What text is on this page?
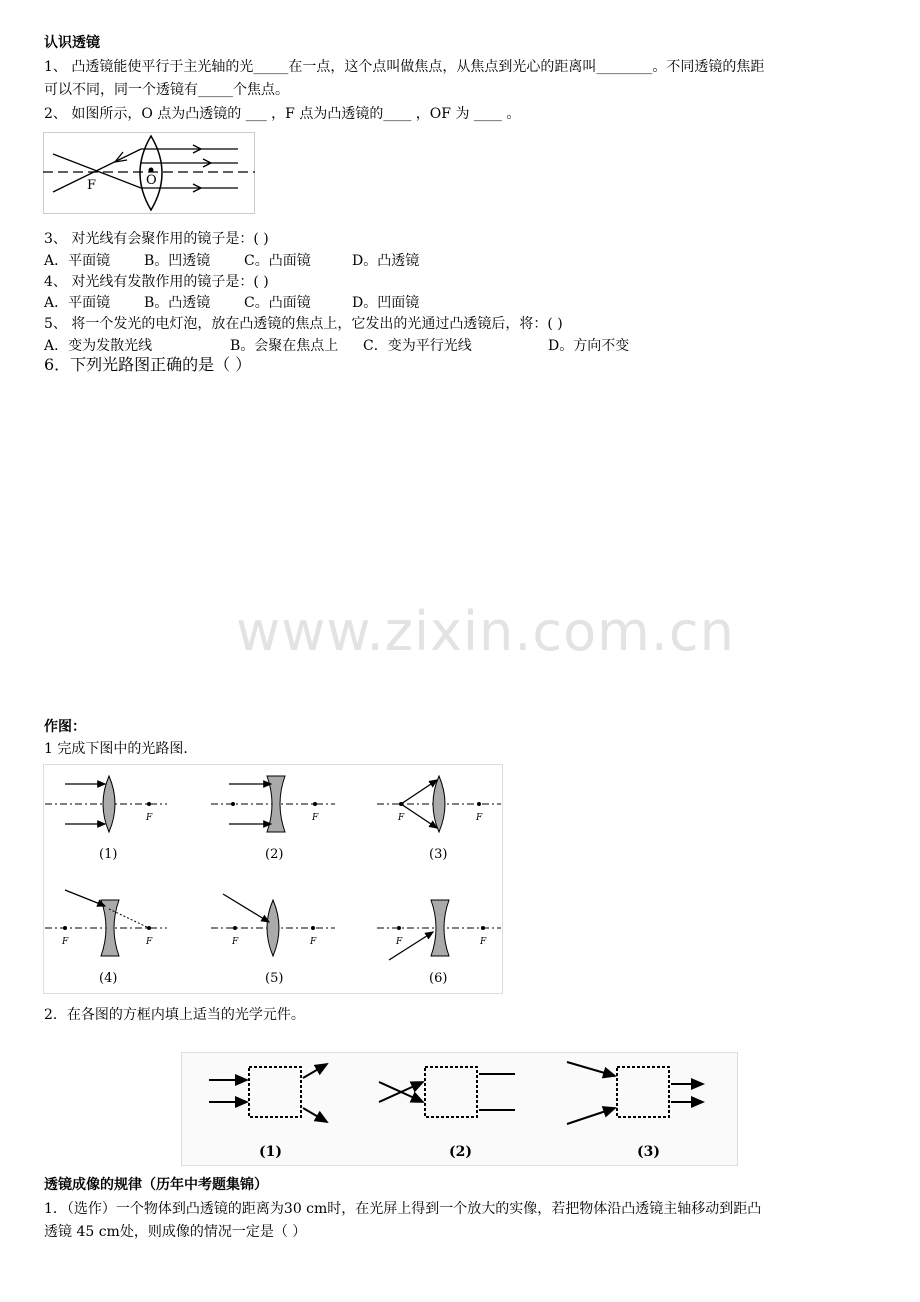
认识透镜
1、 凸透镜能使平行于主光轴的光_____在一点，这个点叫做焦点，从焦点到光心的距离叫________。不同透镜的焦距
可以不同，同一个透镜有_____个焦点。
2、 如图所示，O 点为凸透镜的 ___ ，F 点为凸透镜的____ ，OF 为 ____ 。
F	O
3、 对光线有会聚作用的镜子是：( )
A．平面镜 B。凹透镜 C。凸面镜	D。凸透镜
4、 对光线有发散作用的镜子是：( )
A．平面镜 B。凸透镜 C。凸面镜	D。凹面镜
5、 将一个发光的电灯泡，放在凸透镜的焦点上，它发出的光通过凸透镜后，将：( )
A．变为发散光线	B。会聚在焦点上 C．变为平行光线	D。方向不变
6．下列光路图正确的是（ ）
www.zixin.com.cn
作图：
1 完成下图中的光路图.
F
(1)
F
(2)
F	F
(3)
F	F
(4)
F	F
(5)
F	F
(6)
2．在各图的方框内填上适当的光学元件。
(1)	(2)	(3)
透镜成像的规律（历年中考题集锦）
1．（选作）一个物体到凸透镜的距离为30 cm时，在光屏上得到一个放大的实像，若把物体沿凸透镜主轴移动到距凸
透镜 45 cm处，则成像的情况一定是（ ）
